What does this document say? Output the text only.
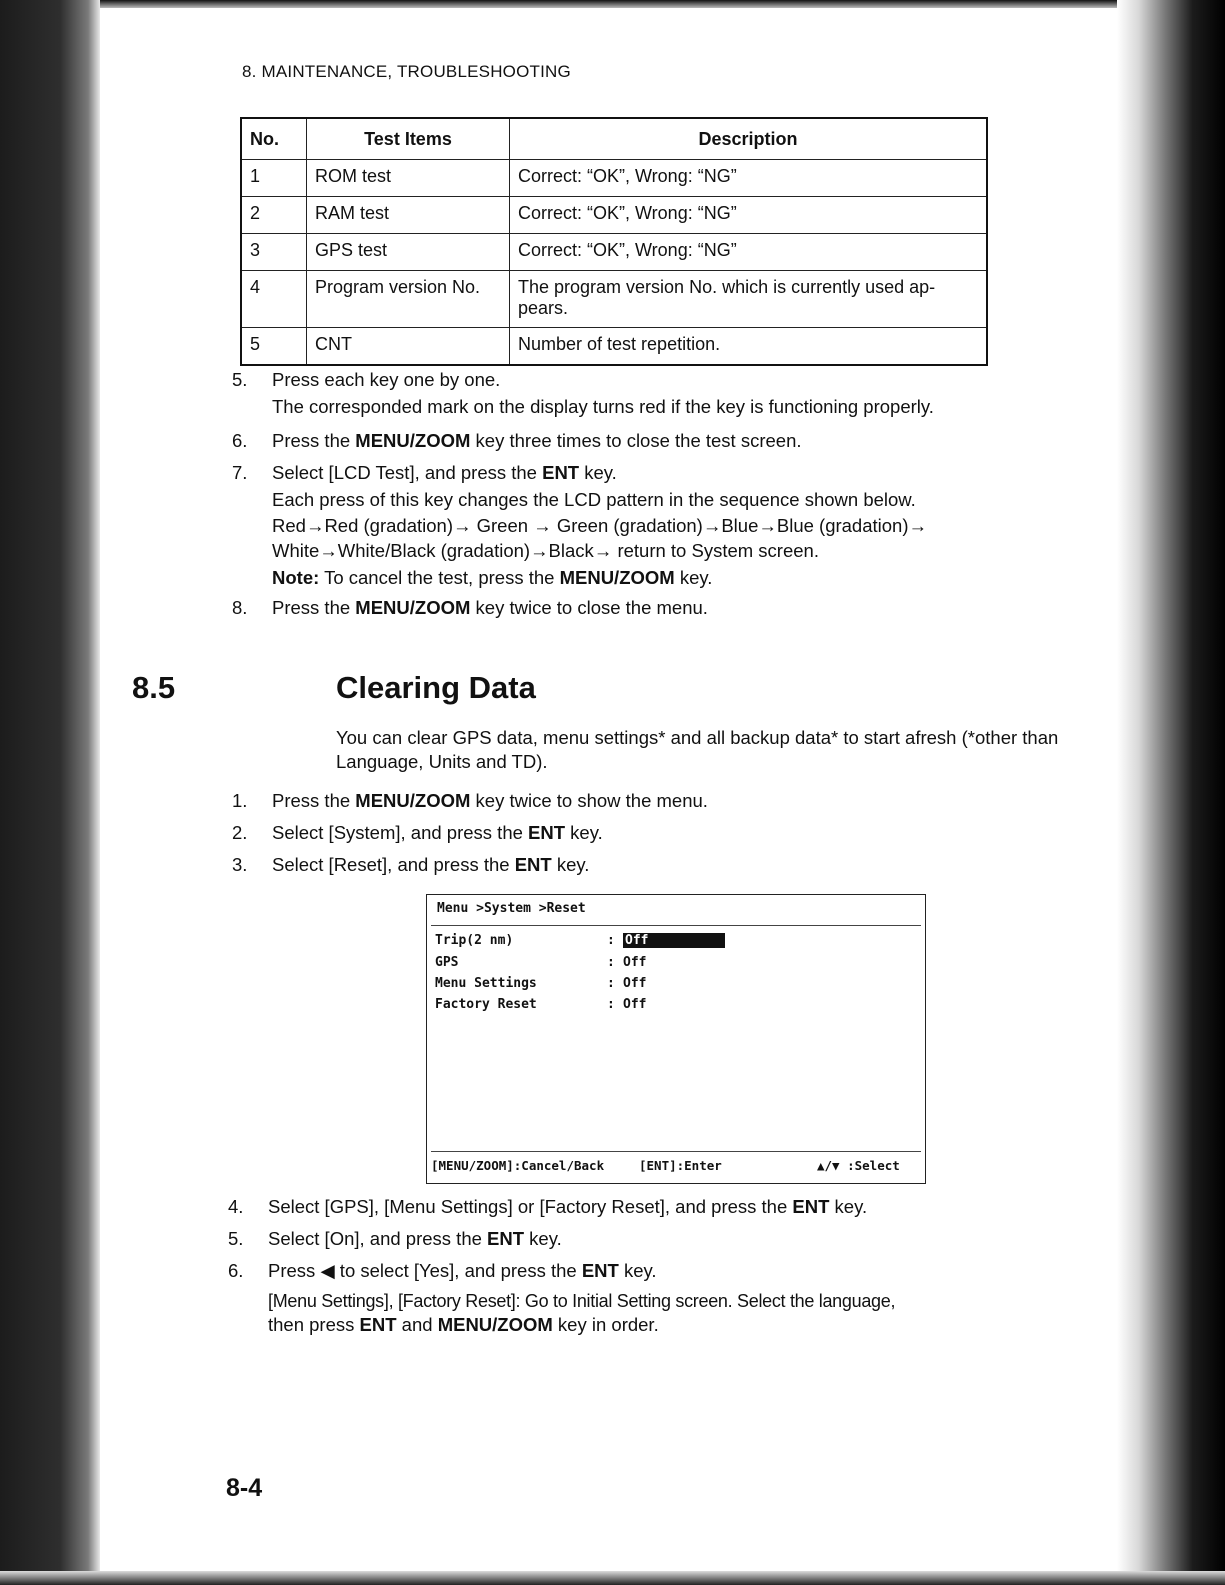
8. MAINTENANCE, TROUBLESHOOTING
No.	Test Items	Description
1	ROM test	Correct: “OK”, Wrong: “NG”
2	RAM test	Correct: “OK”, Wrong: “NG”
3	GPS test	Correct: “OK”, Wrong: “NG”
4	Program version No.	The program version No. which is currently used ap-
pears.
5	CNT	Number of test repetition.
5. Press each key one by one.
The corresponded mark on the display turns red if the key is functioning properly.
6. Press the MENU/ZOOM key three times to close the test screen.
7. Select [LCD Test], and press the ENT key.
Each press of this key changes the LCD pattern in the sequence shown below.
Red→Red (gradation)→ Green → Green (gradation)→Blue→Blue (gradation)→
White→White/Black (gradation)→Black→ return to System screen.
Note: To cancel the test, press the MENU/ZOOM key.
8. Press the MENU/ZOOM key twice to close the menu.
8.5	Clearing Data
You can clear GPS data, menu settings* and all backup data* to start afresh (*other than Language, Units and TD).
1. Press the MENU/ZOOM key twice to show the menu.
2. Select [System], and press the ENT key.
3. Select [Reset], and press the ENT key.
Menu >System >Reset
Trip(2 nm)	: Off
GPS	: Off
Menu Settings	: Off
Factory Reset	: Off
[MENU/ZOOM]:Cancel/Back	[ENT]:Enter	▲/▼ :Select
4. Select [GPS], [Menu Settings] or [Factory Reset], and press the ENT key.
5. Select [On], and press the ENT key.
6. Press ◀ to select [Yes], and press the ENT key.
[Menu Settings], [Factory Reset]: Go to Initial Setting screen. Select the language,
then press ENT and MENU/ZOOM key in order.
8-4
